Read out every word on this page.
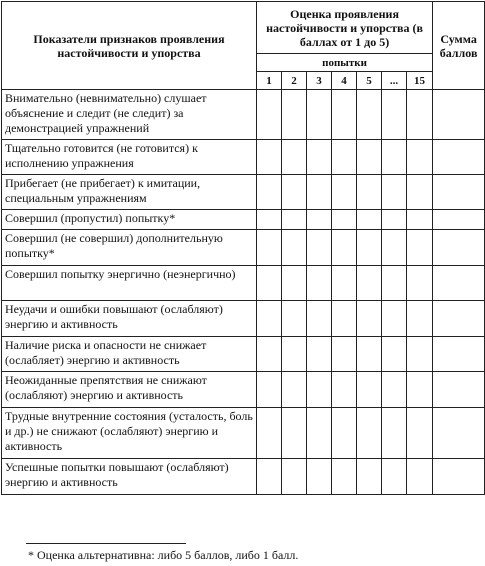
Показатели признаков проявления настойчивости и упорства	Оценка проявления настойчивости и упорства (в баллах от 1 до 5)							Сумма баллов
	попытки							
	1	2	3	4	5	...	15	
Внимательно (невнимательно) слушает объяснение и следит (не следит) за демонстрацией упражнений								
Тщательно готовится (не готовится) к исполнению упражнения								
Прибегает (не прибегает) к имитации, специальным упражнениям								
Совершил (пропустил) попытку*								
Совершил (не совершил) дополнительную попытку*								
Совершил попытку энергично (неэнергично)								
Неудачи и ошибки повышают (ослабляют) энергию и активность								
Наличие риска и опасности не снижает (ослабляет) энергию и активность								
Неожиданные препятствия не снижают (ослабляют) энергию и активность								
Трудные внутренние состояния (усталость, боль и др.) не снижают (ослабляют) энергию и активность								
Успешные попытки повышают (ослабляют) энергию и активность								
* Оценка альтернативна: либо 5 баллов, либо 1 балл.
